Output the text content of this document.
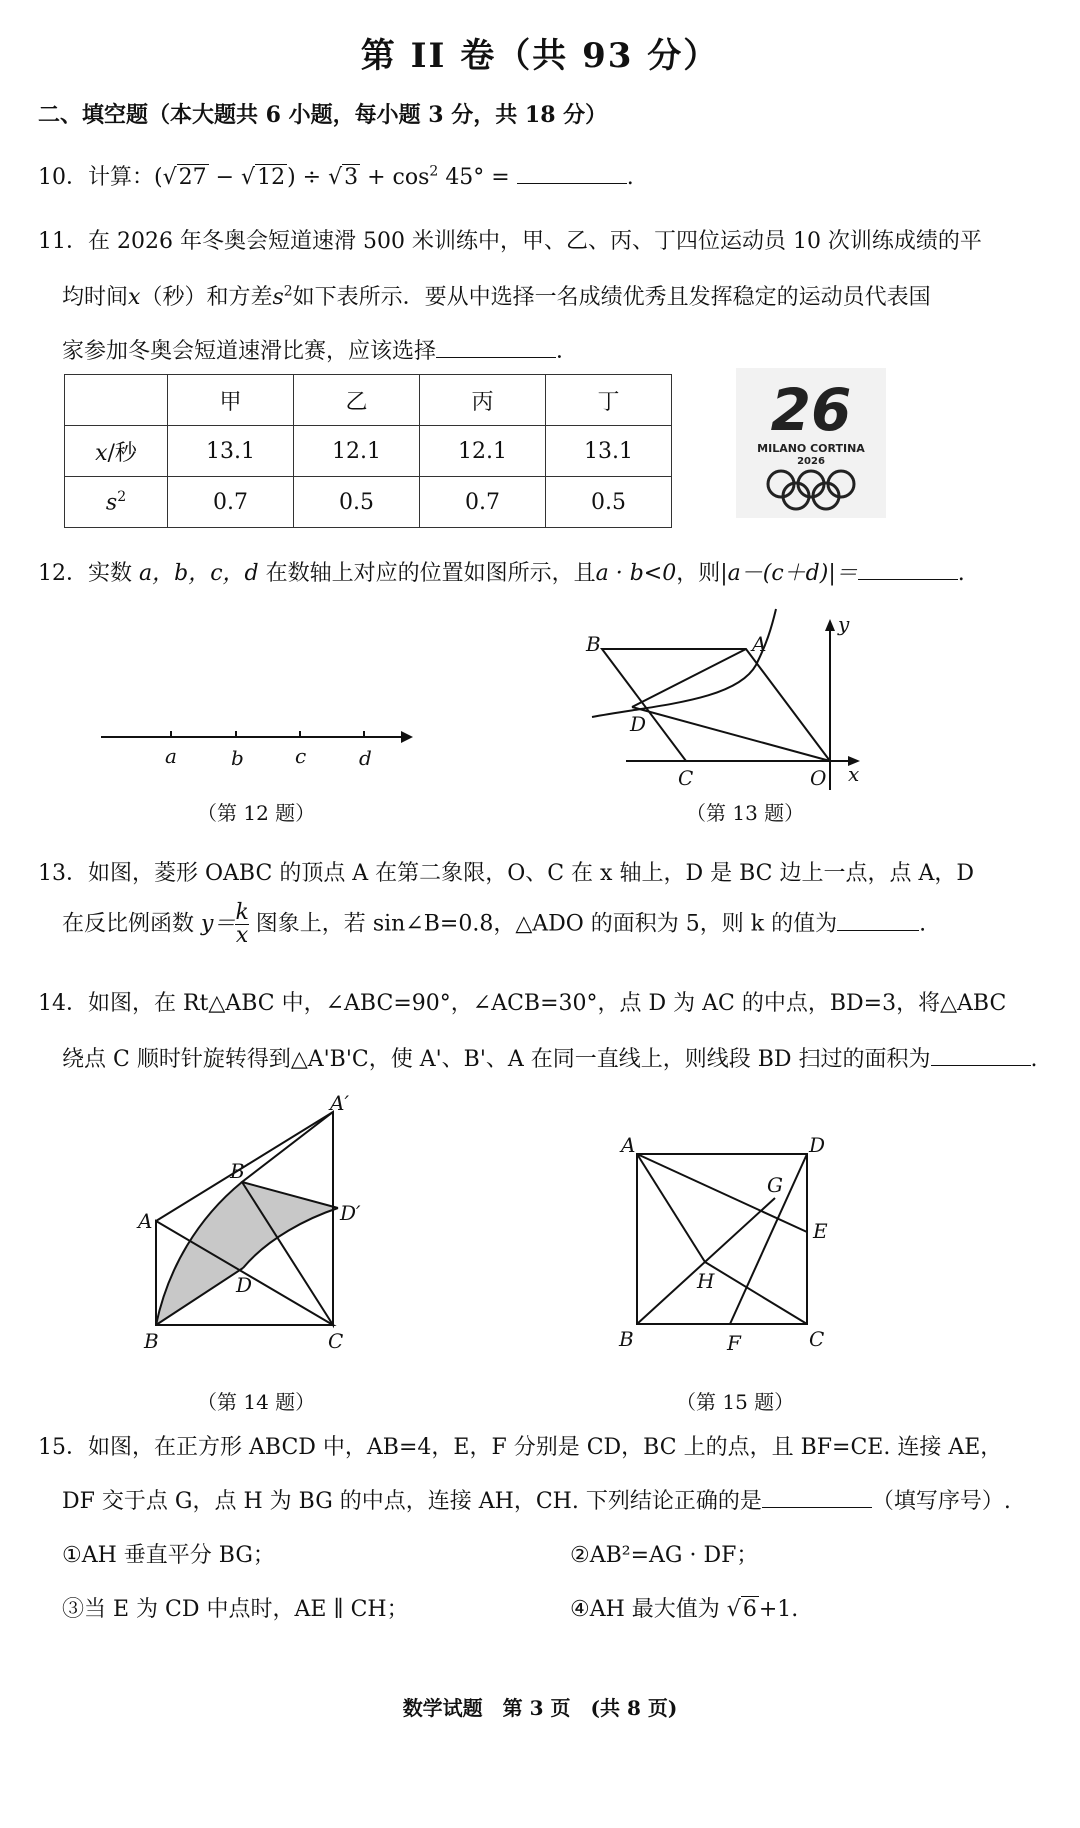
第 II 卷（共 93 分）
二、填空题（本大题共 6 小题，每小题 3 分，共 18 分）
10．计算：$(√27 - √12) \div √3 + \cos^2 45^\circ$ =	.
11．在 2026 年冬奥会短道速滑 500 米训练中，甲、乙、丙、丁四位运动员 10 次训练成绩的平
均时间x（秒）和方差$s^2$如下表所示．要从中选择一名成绩优秀且发挥稳定的运动员代表国
家参加冬奥会短道速滑比赛，应该选择	．
	甲	乙	丙	丁
x/秒	13.1	12.1	12.1	13.1
$s^2$	0.7	0.5	0.7	0.5
26
MILANO CORTINA
2026
12．实数 a，b，c，d 在数轴上对应的位置如图所示，且a · b<0，则|a－(c＋d)|＝	.
a	b	c	d
（第 12 题）
B	A
D
C	O x
y
（第 13 题）
13．如图，菱形 OABC 的顶点 A 在第二象限，O、C 在 x 轴上，D 是 BC 边上一点，点 A，D
在反比例函数 $y= \frac{k}{x}$ 图象上，若 sin∠B=0.8，△ADO 的面积为 5，则 k 的值为	.
14．如图，在 Rt△ABC 中，∠ABC=90°，∠ACB=30°，点 D 为 AC 的中点，BD=3，将△ABC
绕点 C 顺时针旋转得到△A'B'C，使 A'、B'、A 在同一直线上，则线段 BD 扫过的面积为	.
A′
B′
A	D′
D
B	C
（第 14 题）
A	D
G
E
H
B	F	C
（第 15 题）
15．如图，在正方形 ABCD 中，AB=4，E，F 分别是 CD，BC 上的点，且 BF=CE. 连接 AE，
DF 交于点 G，点 H 为 BG 的中点，连接 AH，CH. 下列结论正确的是	（填写序号）.
①AH 垂直平分 BG；	②AB²=AG · DF；
③当 E 为 CD 中点时，AE ∥ CH；	④AH 最大值为 √6+1.
数学试题　第 3 页　(共 8 页)
